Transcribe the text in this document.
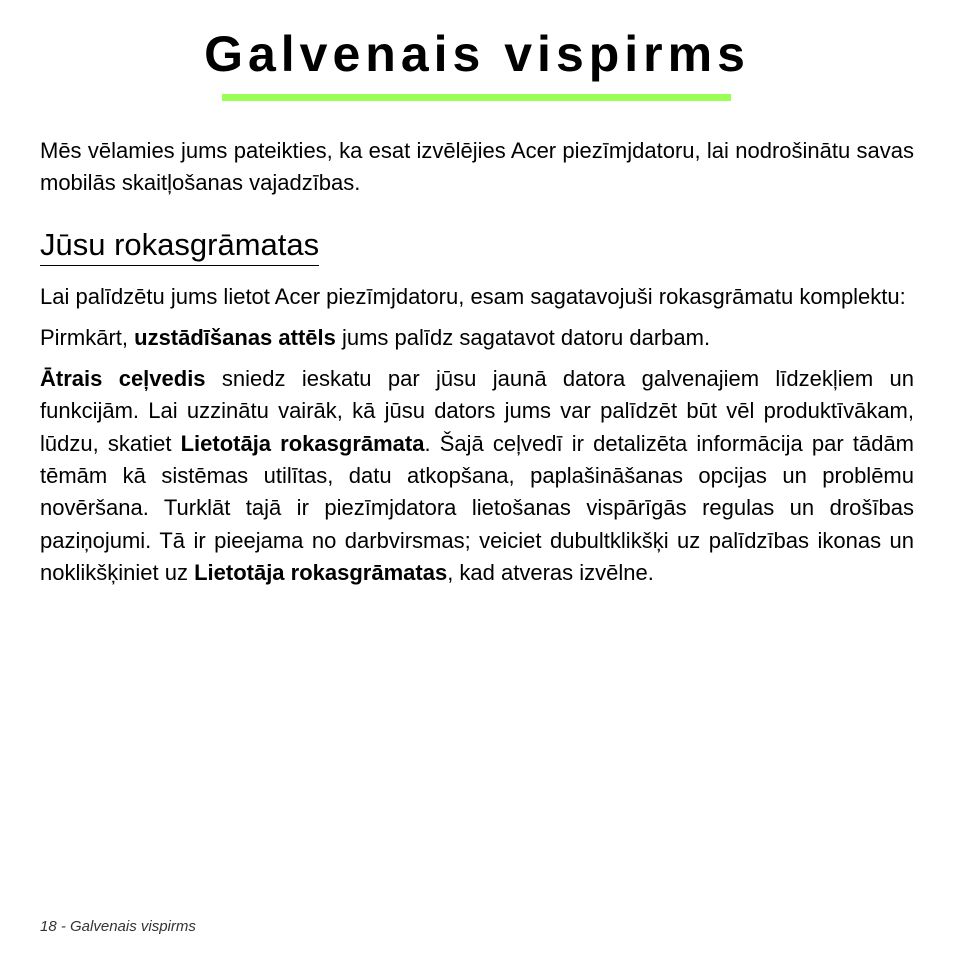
Galvenais vispirms

Mēs vēlamies jums pateikties, ka esat izvēlējies Acer piezīmjdatoru, lai nodrošinātu savas mobilās skaitļošanas vajadzības.

Jūsu rokasgrāmatas

Lai palīdzētu jums lietot Acer piezīmjdatoru, esam sagatavojuši rokasgrāmatu komplektu:

Pirmkārt, uzstādīšanas attēls jums palīdz sagatavot datoru darbam.

Ātrais ceļvedis sniedz ieskatu par jūsu jaunā datora galvenajiem līdzekļiem un funkcijām. Lai uzzinātu vairāk, kā jūsu dators jums var palīdzēt būt vēl produktīvākam, lūdzu, skatiet Lietotāja rokasgrāmata. Šajā ceļvedī ir detalizēta informācija par tādām tēmām kā sistēmas utilītas, datu atkopšana, paplašināšanas opcijas un problēmu novēršana. Turklāt tajā ir piezīmjdatora lietošanas vispārīgās regulas un drošības paziņojumi. Tā ir pieejama no darbvirsmas; veiciet dubultklikšķi uz palīdzības ikonas un noklikšķiniet uz Lietotāja rokasgrāmatas, kad atveras izvēlne.

18 - Galvenais vispirms
